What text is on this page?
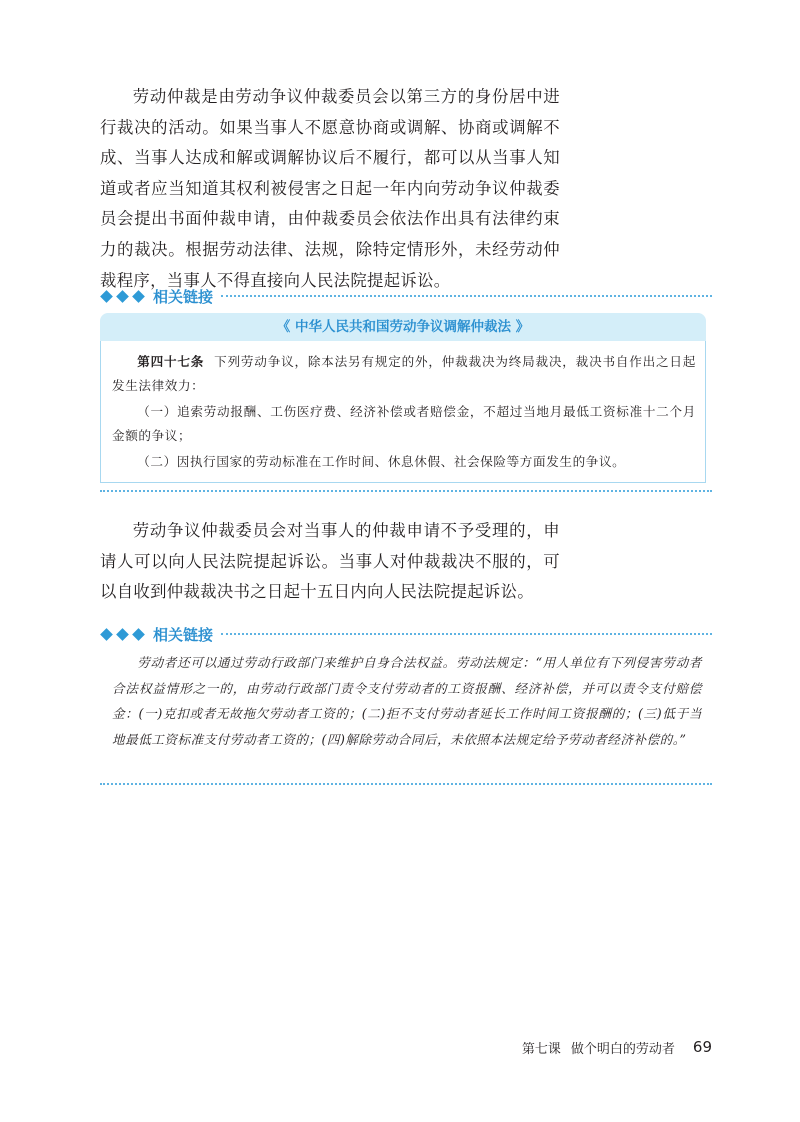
劳动仲裁是由劳动争议仲裁委员会以第三方的身份居中进行裁决的活动。如果当事人不愿意协商或调解、协商或调解不成、当事人达成和解或调解协议后不履行，都可以从当事人知道或者应当知道其权利被侵害之日起一年内向劳动争议仲裁委员会提出书面仲裁申请，由仲裁委员会依法作出具有法律约束力的裁决。根据劳动法律、法规，除特定情形外，未经劳动仲裁程序，当事人不得直接向人民法院提起诉讼。

相关链接
《 中华人民共和国劳动争议调解仲裁法 》

第四十七条 下列劳动争议，除本法另有规定的外，仲裁裁决为终局裁决，裁决书自作出之日起发生法律效力：

（一）追索劳动报酬、工伤医疗费、经济补偿或者赔偿金，不超过当地月最低工资标准十二个月金额的争议；

（二）因执行国家的劳动标准在工作时间、休息休假、社会保险等方面发生的争议。

劳动争议仲裁委员会对当事人的仲裁申请不予受理的，申请人可以向人民法院提起诉讼。当事人对仲裁裁决不服的，可以自收到仲裁裁决书之日起十五日内向人民法院提起诉讼。

相关链接

劳动者还可以通过劳动行政部门来维护自身合法权益。劳动法规定：“用人单位有下列侵害劳动者合法权益情形之一的，由劳动行政部门责令支付劳动者的工资报酬、经济补偿，并可以责令支付赔偿金：(一)克扣或者无故拖欠劳动者工资的；(二)拒不支付劳动者延长工作时间工资报酬的；(三)低于当地最低工资标准支付劳动者工资的；(四)解除劳动合同后，未依照本法规定给予劳动者经济补偿的。”

第七课 做个明白的劳动者 69
